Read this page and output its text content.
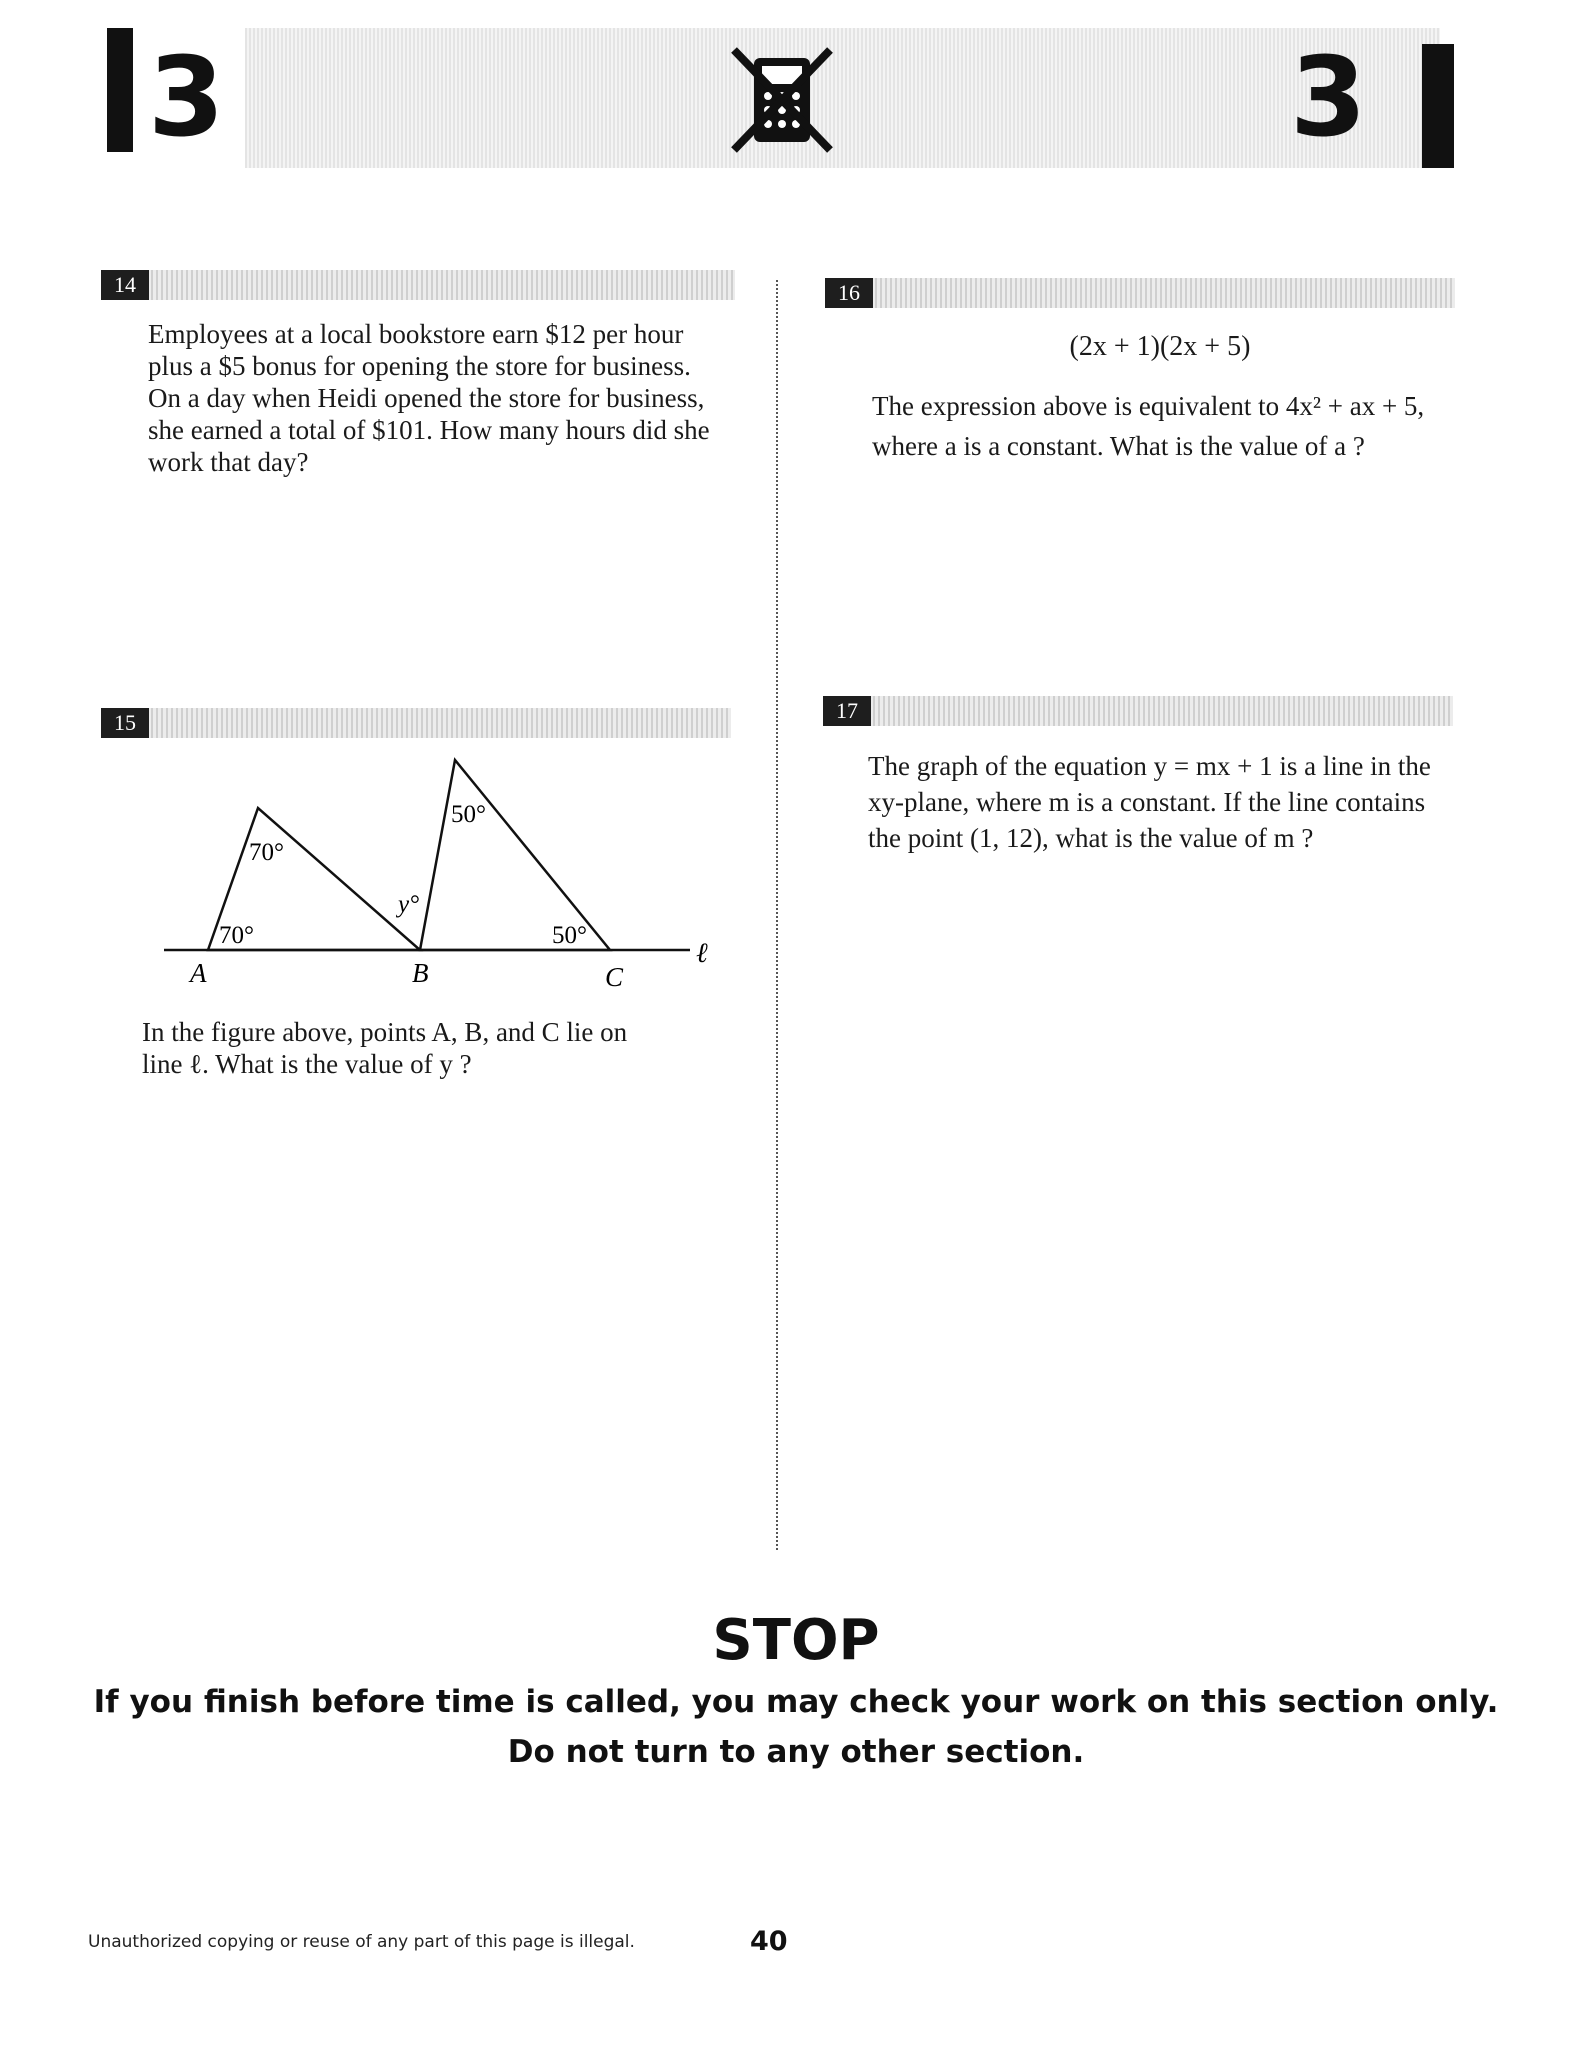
3	3
14

Employees at a local bookstore earn $12 per hour

plus a $5 bonus for opening the store for business.

On a day when Heidi opened the store for business,

she earned a total of $101. How many hours did she

work that day?

15
70°
70°
y°
50°
50°
A	B	C
ℓ

In the figure above, points A, B, and C lie on

line ℓ. What is the value of y ?

16
(2x + 1)(2x + 5)

The expression above is equivalent to 4x² + ax + 5,

where a is a constant. What is the value of a ?

17

The graph of the equation y = mx + 1 is a line in the

xy-plane, where m is a constant. If the line contains

the point (1, 12), what is the value of m ?

STOP
If you finish before time is called, you may check your work on this section only.
Do not turn to any other section.
Unauthorized copying or reuse of any part of this page is illegal.	40
